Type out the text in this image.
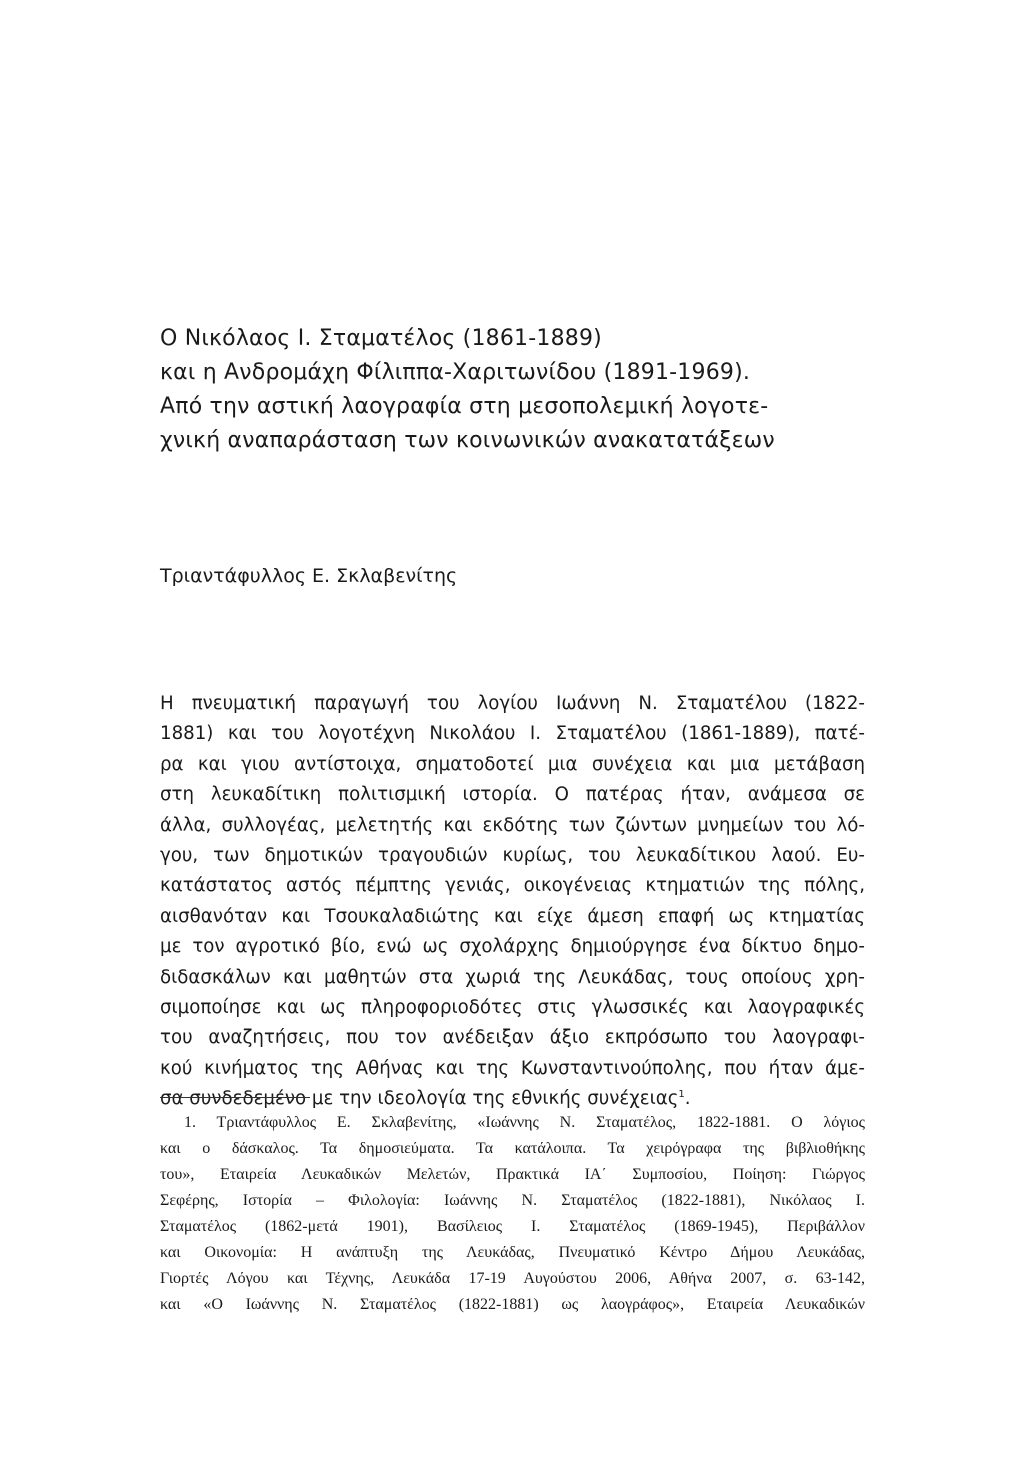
Ο Νικόλαος Ι. Σταματέλος (1861-1889)
και η Ανδρομάχη Φίλιππα-Χαριτωνίδου (1891-1969).
Από την αστική λαογραφία στη μεσοπολεμική λογοτε-
χνική αναπαράσταση των κοινωνικών ανακατατάξεων
Τριαντάφυλλος Ε. Σκλαβενίτης

Η πνευματική παραγωγή του λογίου Ιωάννη Ν. Σταματέλου (1822-
1881) και του λογοτέχνη Νικολάου Ι. Σταματέλου (1861-1889), πατέ-
ρα και γιου αντίστοιχα, σηματοδοτεί μια συνέχεια και μια μετάβαση
στη λευκαδίτικη πολιτισμική ιστορία. Ο πατέρας ήταν, ανάμεσα σε
άλλα, συλλογέας, μελετητής και εκδότης των ζώντων μνημείων του λό-
γου, των δημοτικών τραγουδιών κυρίως, του λευκαδίτικου λαού. Ευ-
κατάστατος αστός πέμπτης γενιάς, οικογένειας κτηματιών της πόλης,
αισθανόταν και Τσουκαλαδιώτης και είχε άμεση επαφή ως κτηματίας
με τον αγροτικό βίο, ενώ ως σχολάρχης δημιούργησε ένα δίκτυο δημο-
διδασκάλων και μαθητών στα χωριά της Λευκάδας, τους οποίους χρη-
σιμοποίησε και ως πληροφοριοδότες στις γλωσσικές και λαογραφικές
του αναζητήσεις, που τον ανέδειξαν άξιο εκπρόσωπο του λαογραφι-
κού κινήματος της Αθήνας και της Κωνσταντινούπολης, που ήταν άμε-
σα συνδεδεμένο με την ιδεολογία της εθνικής συνέχειας$^1$.

1. Τριαντάφυλλος Ε. Σκλαβενίτης, «Ιωάννης Ν. Σταματέλος, 1822-1881. Ο λόγιος
και ο δάσκαλος. Τα δημοσιεύματα. Τα κατάλοιπα. Τα χειρόγραφα της βιβλιοθήκης
του», Εταιρεία Λευκαδικών Μελετών, Πρακτικά ΙΑ΄ Συμποσίου, Ποίηση: Γιώργος
Σεφέρης, Ιστορία – Φιλολογία: Ιωάννης Ν. Σταματέλος (1822-1881), Νικόλαος Ι.
Σταματέλος (1862-μετά 1901), Βασίλειος Ι. Σταματέλος (1869-1945), Περιβάλλον
και Οικονομία: Η ανάπτυξη της Λευκάδας, Πνευματικό Κέντρο Δήμου Λευκάδας,
Γιορτές Λόγου και Τέχνης, Λευκάδα 17-19 Αυγούστου 2006, Αθήνα 2007, σ. 63-142,
και «Ο Ιωάννης Ν. Σταματέλος (1822-1881) ως λαογράφος», Εταιρεία Λευκαδικών
